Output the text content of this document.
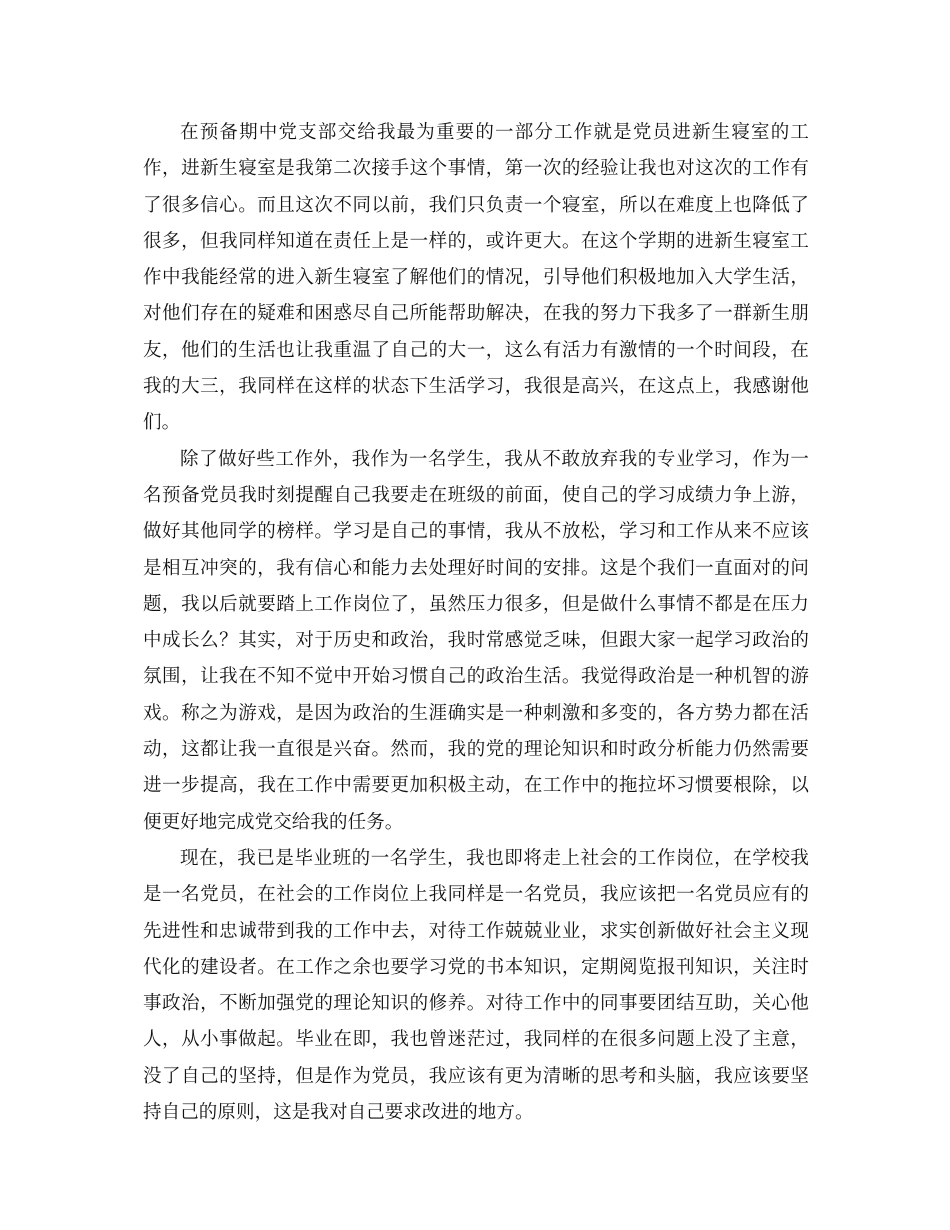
在预备期中党支部交给我最为重要的一部分工作就是党员进新生寝室的工作，进新生寝室是我第二次接手这个事情，第一次的经验让我也对这次的工作有了很多信心。而且这次不同以前，我们只负责一个寝室，所以在难度上也降低了很多，但我同样知道在责任上是一样的，或许更大。在这个学期的进新生寝室工作中我能经常的进入新生寝室了解他们的情况，引导他们积极地加入大学生活，对他们存在的疑难和困惑尽自己所能帮助解决，在我的努力下我多了一群新生朋友，他们的生活也让我重温了自己的大一，这么有活力有激情的一个时间段，在我的大三，我同样在这样的状态下生活学习，我很是高兴，在这点上，我感谢他们。

除了做好些工作外，我作为一名学生，我从不敢放弃我的专业学习，作为一名预备党员我时刻提醒自己我要走在班级的前面，使自己的学习成绩力争上游，做好其他同学的榜样。学习是自己的事情，我从不放松，学习和工作从来不应该是相互冲突的，我有信心和能力去处理好时间的安排。这是个我们一直面对的问题，我以后就要踏上工作岗位了，虽然压力很多，但是做什么事情不都是在压力中成长么？其实，对于历史和政治，我时常感觉乏味，但跟大家一起学习政治的氛围，让我在不知不觉中开始习惯自己的政治生活。我觉得政治是一种机智的游戏。称之为游戏，是因为政治的生涯确实是一种刺激和多变的，各方势力都在活动，这都让我一直很是兴奋。然而，我的党的理论知识和时政分析能力仍然需要进一步提高，我在工作中需要更加积极主动，在工作中的拖拉坏习惯要根除，以便更好地完成党交给我的任务。

现在，我已是毕业班的一名学生，我也即将走上社会的工作岗位，在学校我是一名党员，在社会的工作岗位上我同样是一名党员，我应该把一名党员应有的先进性和忠诚带到我的工作中去，对待工作兢兢业业，求实创新做好社会主义现代化的建设者。在工作之余也要学习党的书本知识，定期阅览报刊知识，关注时事政治，不断加强党的理论知识的修养。对待工作中的同事要团结互助，关心他人，从小事做起。毕业在即，我也曾迷茫过，我同样的在很多问题上没了主意，没了自己的坚持，但是作为党员，我应该有更为清晰的思考和头脑，我应该要坚持自己的原则，这是我对自己要求改进的地方。
